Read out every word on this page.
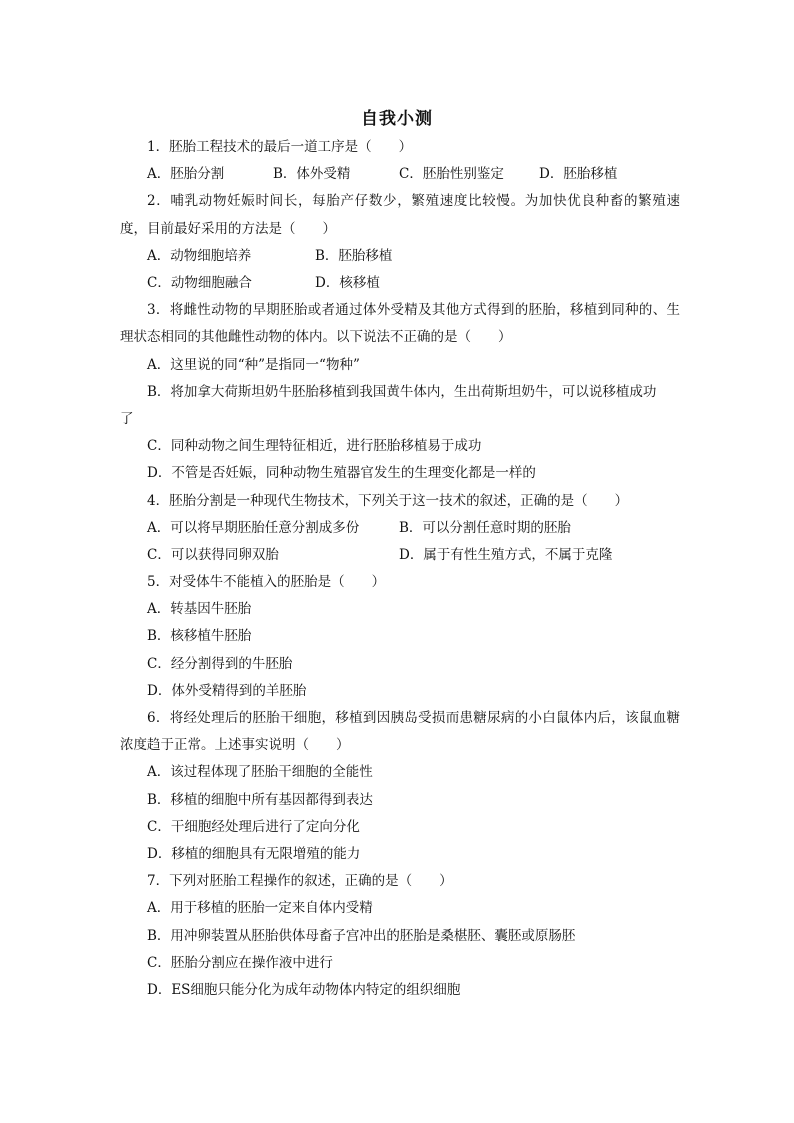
自我小测
1．胚胎工程技术的最后一道工序是（　　）
A．胚胎分割	B．体外受精	C．胚胎性别鉴定	D．胚胎移植
2．哺乳动物妊娠时间长，每胎产仔数少，繁殖速度比较慢。为加快优良种畜的繁殖速度，目前最好采用的方法是（　　）
A．动物细胞培养	B．胚胎移植
C．动物细胞融合	D．核移植
3．将雌性动物的早期胚胎或者通过体外受精及其他方式得到的胚胎，移植到同种的、生理状态相同的其他雌性动物的体内。以下说法不正确的是（　　）
A．这里说的同“种”是指同一“物种”
B．将加拿大荷斯坦奶牛胚胎移植到我国黄牛体内，生出荷斯坦奶牛，可以说移植成功
了
C．同种动物之间生理特征相近，进行胚胎移植易于成功
D．不管是否妊娠，同种动物生殖器官发生的生理变化都是一样的
4．胚胎分割是一种现代生物技术，下列关于这一技术的叙述，正确的是（　　）
A．可以将早期胚胎任意分割成多份	B．可以分割任意时期的胚胎
C．可以获得同卵双胎	D．属于有性生殖方式，不属于克隆
5．对受体牛不能植入的胚胎是（　　）
A．转基因牛胚胎
B．核移植牛胚胎
C．经分割得到的牛胚胎
D．体外受精得到的羊胚胎
6．将经处理后的胚胎干细胞，移植到因胰岛受损而患糖尿病的小白鼠体内后，该鼠血糖浓度趋于正常。上述事实说明（　　）
A．该过程体现了胚胎干细胞的全能性
B．移植的细胞中所有基因都得到表达
C．干细胞经处理后进行了定向分化
D．移植的细胞具有无限增殖的能力
7．下列对胚胎工程操作的叙述，正确的是（　　）
A．用于移植的胚胎一定来自体内受精
B．用冲卵装置从胚胎供体母畜子宫冲出的胚胎是桑椹胚、囊胚或原肠胚
C．胚胎分割应在操作液中进行
D．ES细胞只能分化为成年动物体内特定的组织细胞
